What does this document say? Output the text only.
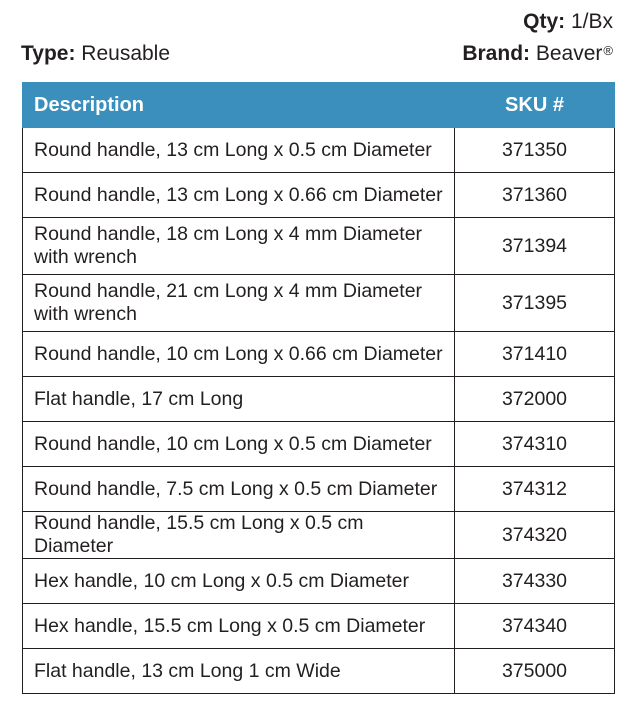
Qty: 1/Bx
Type: Reusable	Brand: Beaver®
Description	SKU #
Round handle, 13 cm Long x 0.5 cm Diameter	371350
Round handle, 13 cm Long x 0.66 cm Diameter	371360
Round handle, 18 cm Long x 4 mm Diameter with wrench	371394
Round handle, 21 cm Long x 4 mm Diameter with wrench	371395
Round handle, 10 cm Long x 0.66 cm Diameter	371410
Flat handle, 17 cm Long	372000
Round handle, 10 cm Long x 0.5 cm Diameter	374310
Round handle, 7.5 cm Long x 0.5 cm Diameter	374312
Round handle, 15.5 cm Long x 0.5 cm Diameter	374320
Hex handle, 10 cm Long x 0.5 cm Diameter	374330
Hex handle, 15.5 cm Long x 0.5 cm Diameter	374340
Flat handle, 13 cm Long 1 cm Wide	375000
